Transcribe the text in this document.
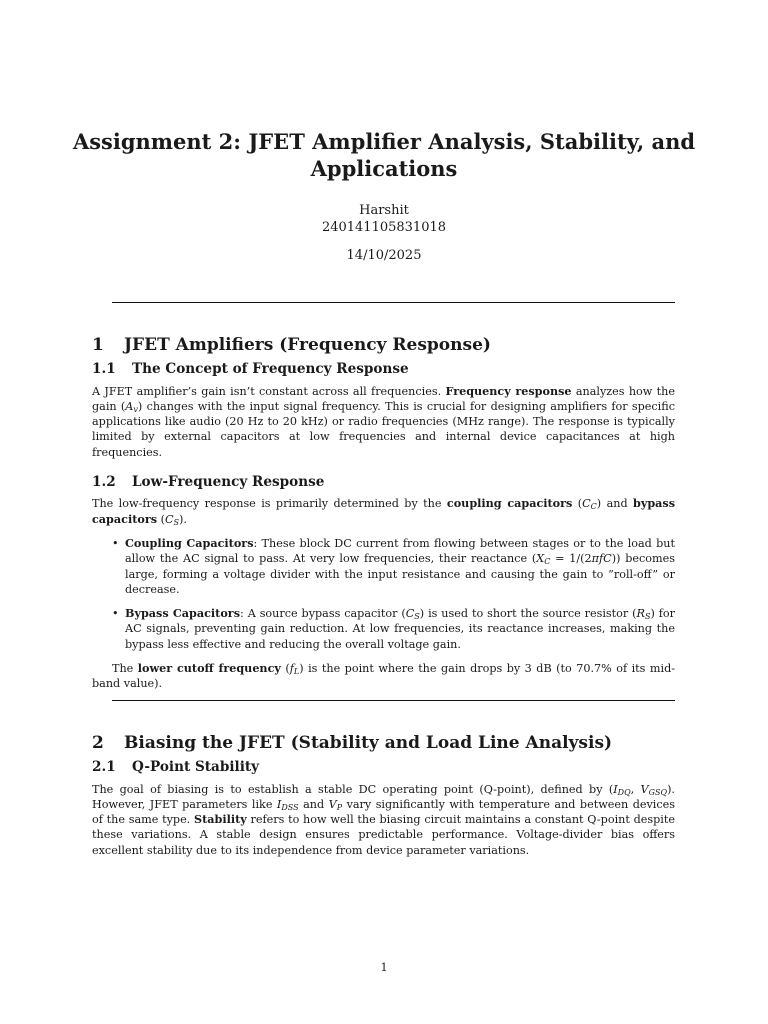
Assignment 2: JFET Amplifier Analysis, Stability, and Applications
Harshit
240141105831018
14/10/2025
1 JFET Amplifiers (Frequency Response)
1.1 The Concept of Frequency Response

A JFET amplifier’s gain isn’t constant across all frequencies. Frequency response analyzes how the gain $(A_v)$ changes with the input signal frequency. This is crucial for designing amplifiers for specific applications like audio (20 Hz to 20 kHz) or radio frequencies (MHz range). The response is typically limited by external capacitors at low frequencies and internal device capacitances at high frequencies.

1.2 Low-Frequency Response

The low-frequency response is primarily determined by the coupling capacitors $(C_C)$ and bypass capacitors $(C_S)$.

• Coupling Capacitors: These block DC current from flowing between stages or to the load but allow the AC signal to pass. At very low frequencies, their reactance $(X_C = 1/(2\pi fC))$ becomes large, forming a voltage divider with the input resistance and causing the gain to ”roll-off” or decrease.
• Bypass Capacitors: A source bypass capacitor $(C_S)$ is used to short the source resistor $(R_S)$ for AC signals, preventing gain reduction. At low frequencies, its reactance increases, making the bypass less effective and reducing the overall voltage gain.

The lower cutoff frequency $(f_L)$ is the point where the gain drops by 3 dB (to 70.7% of its mid-band value).

2 Biasing the JFET (Stability and Load Line Analysis)
2.1 Q-Point Stability

The goal of biasing is to establish a stable DC operating point (Q-point), defined by ($I_{DQ}$, $V_{GSQ}$). However, JFET parameters like $I_{DSS}$ and $V_P$ vary significantly with temperature and between devices of the same type. Stability refers to how well the biasing circuit maintains a constant Q-point despite these variations. A stable design ensures predictable performance. Voltage-divider bias offers excellent stability due to its independence from device parameter variations.

1
